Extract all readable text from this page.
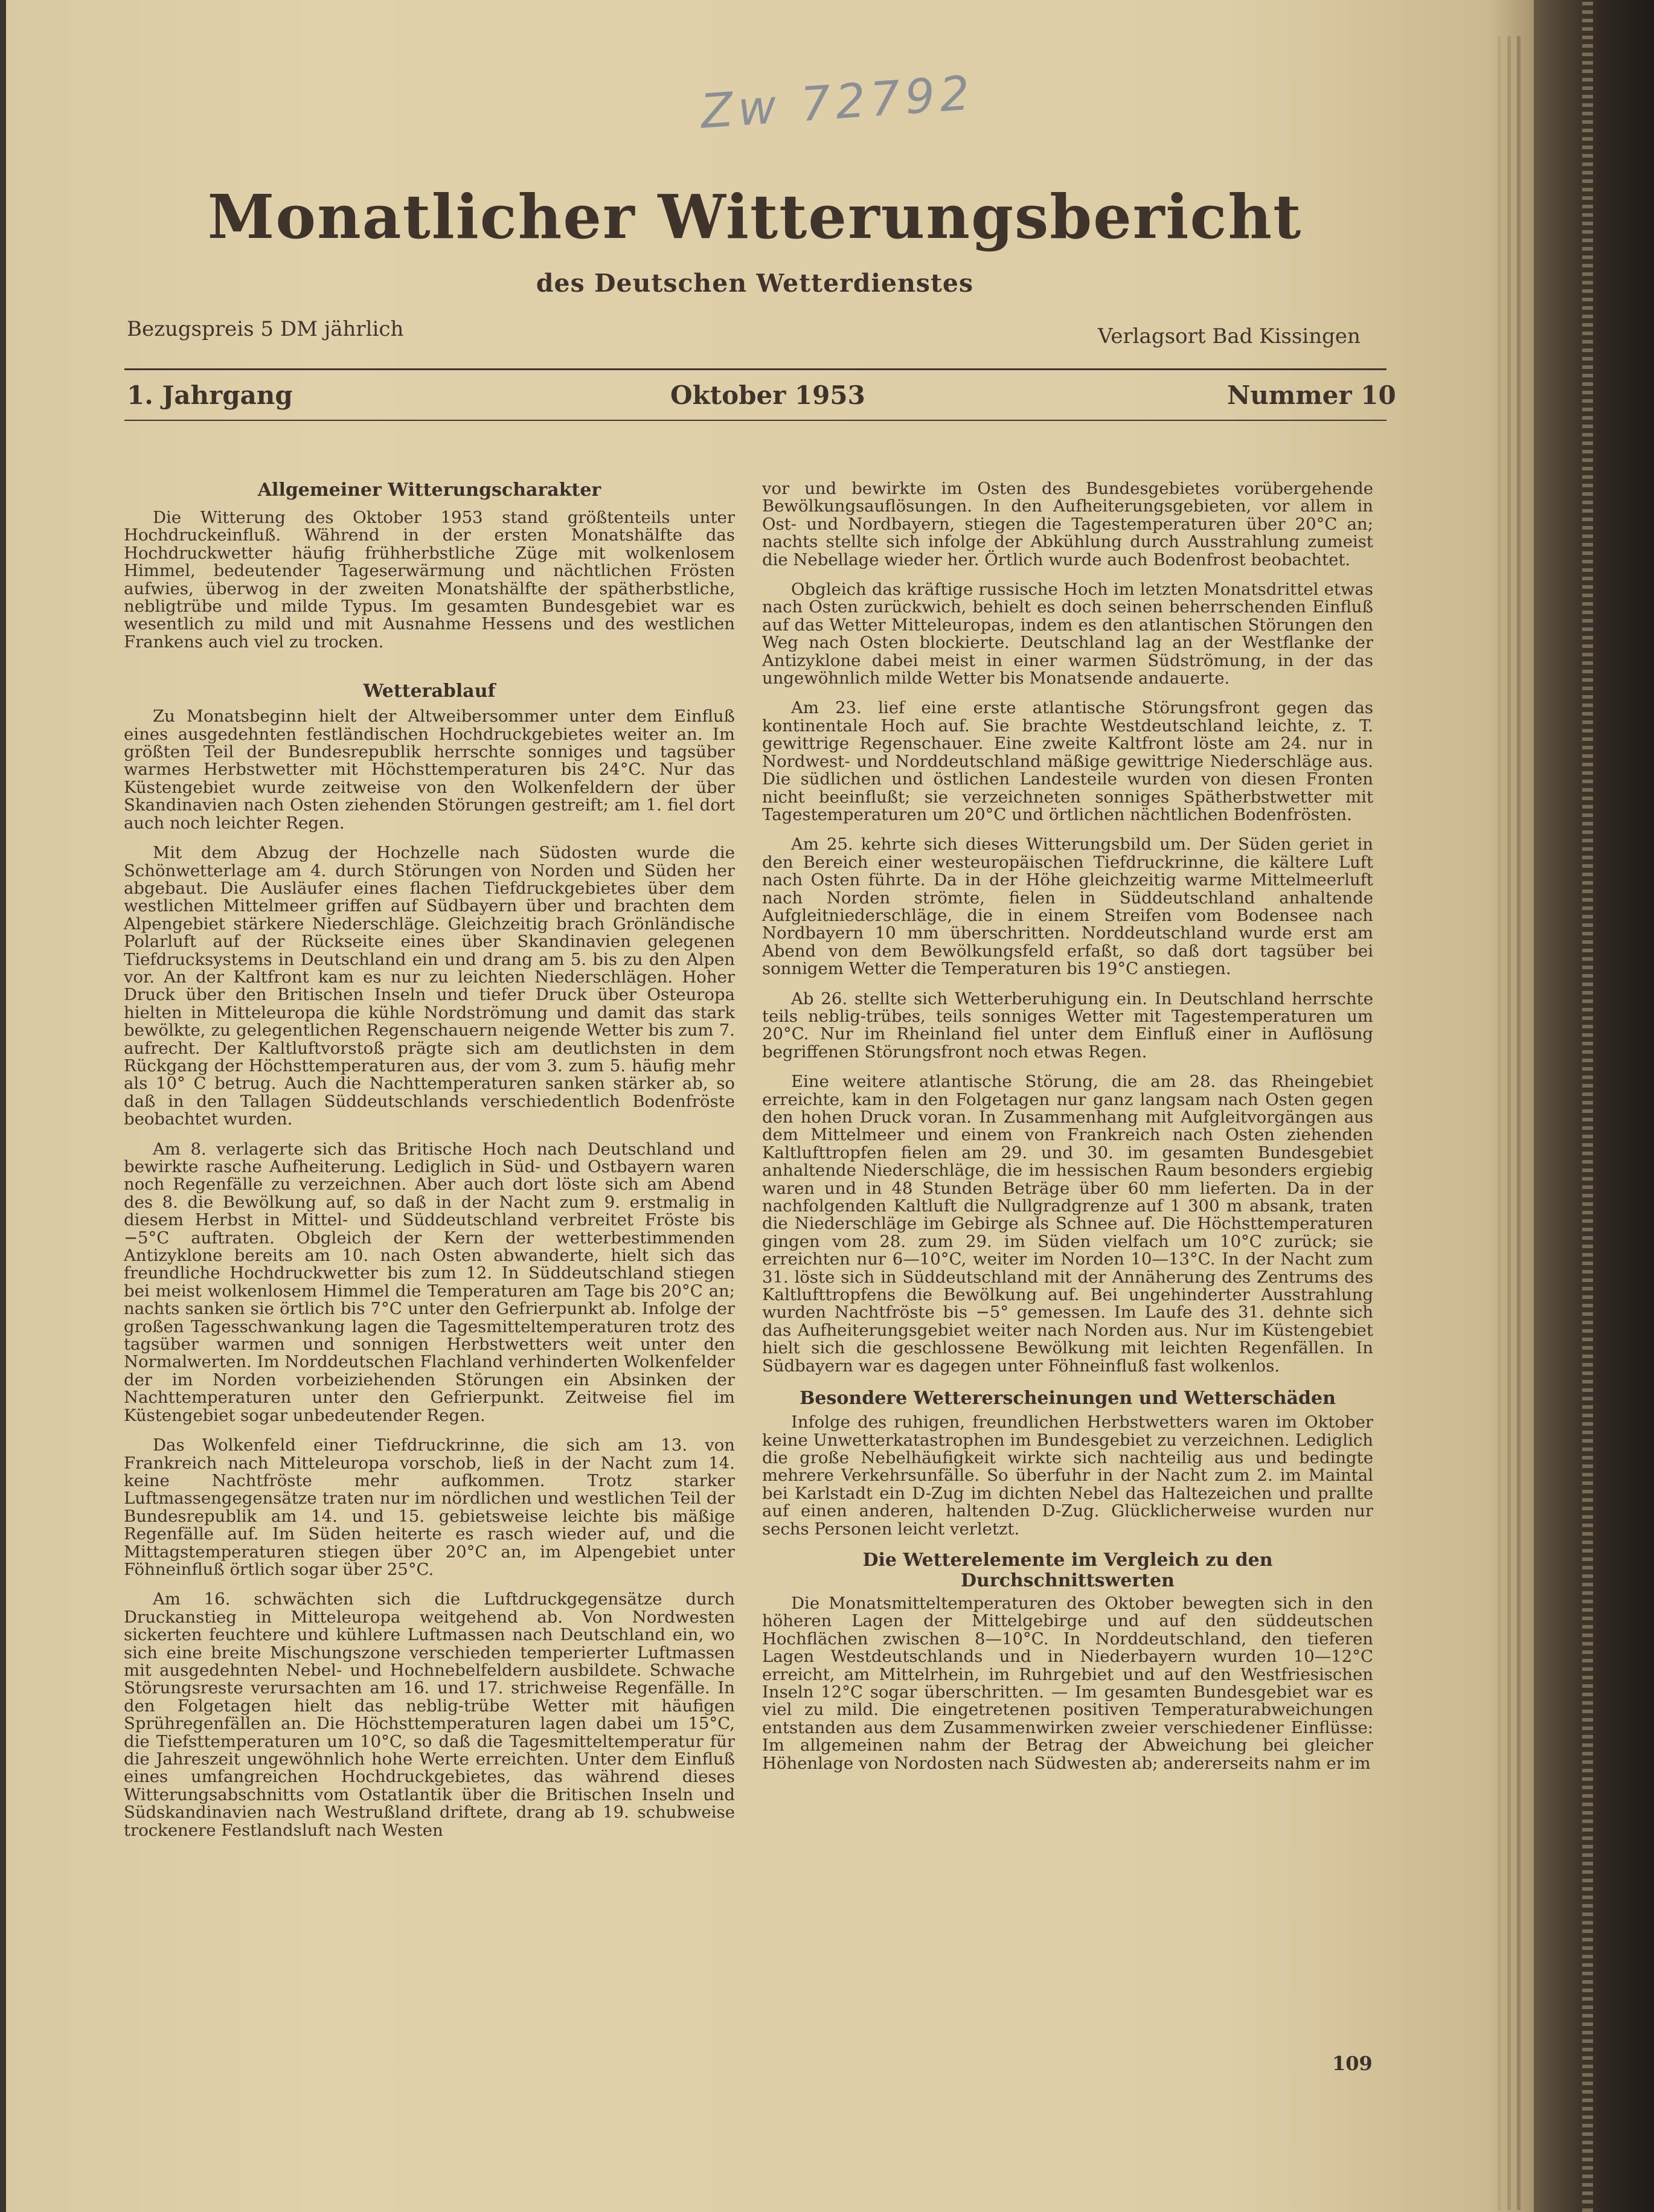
Zw 72792
Monatlicher Witterungsbericht
des Deutschen Wetterdienstes
Bezugspreis 5 DM jährlich	Verlagsort Bad Kissingen
1. Jahrgang	Oktober 1953	Nummer 10
Allgemeiner Witterungscharakter

Die Witterung des Oktober 1953 stand größtenteils unter Hochdruckeinfluß. Während in der ersten Monatshälfte das Hochdruckwetter häufig frühherbstliche Züge mit wolkenlosem Himmel, bedeutender Tageserwärmung und nächtlichen Frösten aufwies, überwog in der zweiten Monatshälfte der spätherbstliche, nebligtrübe und milde Typus. Im gesamten Bundesgebiet war es wesentlich zu mild und mit Ausnahme Hessens und des westlichen Frankens auch viel zu trocken.

Wetterablauf

Zu Monatsbeginn hielt der Altweibersommer unter dem Einfluß eines ausgedehnten festländischen Hochdruckgebietes weiter an. Im größten Teil der Bundesrepublik herrschte sonniges und tagsüber warmes Herbstwetter mit Höchsttemperaturen bis 24°C. Nur das Küstengebiet wurde zeitweise von den Wolkenfeldern der über Skandinavien nach Osten ziehenden Störungen gestreift; am 1. fiel dort auch noch leichter Regen.

Mit dem Abzug der Hochzelle nach Südosten wurde die Schönwetterlage am 4. durch Störungen von Norden und Süden her abgebaut. Die Ausläufer eines flachen Tiefdruckgebietes über dem westlichen Mittelmeer griffen auf Südbayern über und brachten dem Alpengebiet stärkere Niederschläge. Gleichzeitig brach Grönländische Polarluft auf der Rückseite eines über Skandinavien gelegenen Tiefdrucksystems in Deutschland ein und drang am 5. bis zu den Alpen vor. An der Kaltfront kam es nur zu leichten Niederschlägen. Hoher Druck über den Britischen Inseln und tiefer Druck über Osteuropa hielten in Mitteleuropa die kühle Nordströmung und damit das stark bewölkte, zu gelegentlichen Regenschauern neigende Wetter bis zum 7. aufrecht. Der Kaltluftvorstoß prägte sich am deutlichsten in dem Rückgang der Höchsttemperaturen aus, der vom 3. zum 5. häufig mehr als 10° C betrug. Auch die Nachttemperaturen sanken stärker ab, so daß in den Tallagen Süddeutschlands verschiedentlich Bodenfröste beobachtet wurden.

Am 8. verlagerte sich das Britische Hoch nach Deutschland und bewirkte rasche Aufheiterung. Lediglich in Süd- und Ostbayern waren noch Regenfälle zu verzeichnen. Aber auch dort löste sich am Abend des 8. die Bewölkung auf, so daß in der Nacht zum 9. erstmalig in diesem Herbst in Mittel- und Süddeutschland verbreitet Fröste bis −5°C auftraten. Obgleich der Kern der wetterbestimmenden Antizyklone bereits am 10. nach Osten abwanderte, hielt sich das freundliche Hochdruckwetter bis zum 12. In Süddeutschland stiegen bei meist wolkenlosem Himmel die Temperaturen am Tage bis 20°C an; nachts sanken sie örtlich bis 7°C unter den Gefrierpunkt ab. Infolge der großen Tagesschwankung lagen die Tagesmitteltemperaturen trotz des tagsüber warmen und sonnigen Herbstwetters weit unter den Normalwerten. Im Norddeutschen Flachland verhinderten Wolkenfelder der im Norden vorbeiziehenden Störungen ein Absinken der Nachttemperaturen unter den Gefrierpunkt. Zeitweise fiel im Küstengebiet sogar unbedeutender Regen.

Das Wolkenfeld einer Tiefdruckrinne, die sich am 13. von Frankreich nach Mitteleuropa vorschob, ließ in der Nacht zum 14. keine Nachtfröste mehr aufkommen. Trotz starker Luftmassengegensätze traten nur im nördlichen und westlichen Teil der Bundesrepublik am 14. und 15. gebietsweise leichte bis mäßige Regenfälle auf. Im Süden heiterte es rasch wieder auf, und die Mittagstemperaturen stiegen über 20°C an, im Alpengebiet unter Föhneinfluß örtlich sogar über 25°C.

Am 16. schwächten sich die Luftdruckgegensätze durch Druckanstieg in Mitteleuropa weitgehend ab. Von Nordwesten sickerten feuchtere und kühlere Luftmassen nach Deutschland ein, wo sich eine breite Mischungszone verschieden temperierter Luftmassen mit ausgedehnten Nebel- und Hochnebelfeldern ausbildete. Schwache Störungsreste verursachten am 16. und 17. strichweise Regenfälle. In den Folgetagen hielt das neblig-trübe Wetter mit häufigen Sprühregenfällen an. Die Höchsttemperaturen lagen dabei um 15°C, die Tiefsttemperaturen um 10°C, so daß die Tagesmitteltemperatur für die Jahreszeit ungewöhnlich hohe Werte erreichten. Unter dem Einfluß eines umfangreichen Hochdruckgebietes, das während dieses Witterungsabschnitts vom Ostatlantik über die Britischen Inseln und Südskandinavien nach Westrußland driftete, drang ab 19. schubweise trockenere Festlandsluft nach Westen

vor und bewirkte im Osten des Bundesgebietes vorübergehende Bewölkungsauflösungen. In den Aufheiterungsgebieten, vor allem in Ost- und Nordbayern, stiegen die Tagestemperaturen über 20°C an; nachts stellte sich infolge der Abkühlung durch Ausstrahlung zumeist die Nebellage wieder her. Örtlich wurde auch Bodenfrost beobachtet.

Obgleich das kräftige russische Hoch im letzten Monatsdrittel etwas nach Osten zurückwich, behielt es doch seinen beherrschenden Einfluß auf das Wetter Mitteleuropas, indem es den atlantischen Störungen den Weg nach Osten blockierte. Deutschland lag an der Westflanke der Antizyklone dabei meist in einer warmen Südströmung, in der das ungewöhnlich milde Wetter bis Monatsende andauerte.

Am 23. lief eine erste atlantische Störungsfront gegen das kontinentale Hoch auf. Sie brachte Westdeutschland leichte, z. T. gewittrige Regenschauer. Eine zweite Kaltfront löste am 24. nur in Nordwest- und Norddeutschland mäßige gewittrige Niederschläge aus. Die südlichen und östlichen Landesteile wurden von diesen Fronten nicht beeinflußt; sie verzeichneten sonniges Spätherbstwetter mit Tagestemperaturen um 20°C und örtlichen nächtlichen Bodenfrösten.

Am 25. kehrte sich dieses Witterungsbild um. Der Süden geriet in den Bereich einer westeuropäischen Tiefdruckrinne, die kältere Luft nach Osten führte. Da in der Höhe gleichzeitig warme Mittelmeerluft nach Norden strömte, fielen in Süddeutschland anhaltende Aufgleitniederschläge, die in einem Streifen vom Bodensee nach Nordbayern 10 mm überschritten. Norddeutschland wurde erst am Abend von dem Bewölkungsfeld erfaßt, so daß dort tagsüber bei sonnigem Wetter die Temperaturen bis 19°C anstiegen.

Ab 26. stellte sich Wetterberuhigung ein. In Deutschland herrschte teils neblig-trübes, teils sonniges Wetter mit Tagestemperaturen um 20°C. Nur im Rheinland fiel unter dem Einfluß einer in Auflösung begriffenen Störungsfront noch etwas Regen.

Eine weitere atlantische Störung, die am 28. das Rheingebiet erreichte, kam in den Folgetagen nur ganz langsam nach Osten gegen den hohen Druck voran. In Zusammenhang mit Aufgleitvorgängen aus dem Mittelmeer und einem von Frankreich nach Osten ziehenden Kaltlufttropfen fielen am 29. und 30. im gesamten Bundesgebiet anhaltende Niederschläge, die im hessischen Raum besonders ergiebig waren und in 48 Stunden Beträge über 60 mm lieferten. Da in der nachfolgenden Kaltluft die Nullgradgrenze auf 1 300 m absank, traten die Niederschläge im Gebirge als Schnee auf. Die Höchsttemperaturen gingen vom 28. zum 29. im Süden vielfach um 10°C zurück; sie erreichten nur 6—10°C, weiter im Norden 10—13°C. In der Nacht zum 31. löste sich in Süddeutschland mit der Annäherung des Zentrums des Kaltlufttropfens die Bewölkung auf. Bei ungehinderter Ausstrahlung wurden Nachtfröste bis −5° gemessen. Im Laufe des 31. dehnte sich das Aufheiterungsgebiet weiter nach Norden aus. Nur im Küstengebiet hielt sich die geschlossene Bewölkung mit leichten Regenfällen. In Südbayern war es dagegen unter Föhneinfluß fast wolkenlos.

Besondere Wettererscheinungen und Wetterschäden

Infolge des ruhigen, freundlichen Herbstwetters waren im Oktober keine Unwetterkatastrophen im Bundesgebiet zu verzeichnen. Lediglich die große Nebelhäufigkeit wirkte sich nachteilig aus und bedingte mehrere Verkehrsunfälle. So überfuhr in der Nacht zum 2. im Maintal bei Karlstadt ein D-Zug im dichten Nebel das Haltezeichen und prallte auf einen anderen, haltenden D-Zug. Glücklicherweise wurden nur sechs Personen leicht verletzt.

Die Wetterelemente im Vergleich zu den Durchschnittswerten

Die Monatsmitteltemperaturen des Oktober bewegten sich in den höheren Lagen der Mittelgebirge und auf den süddeutschen Hochflächen zwischen 8—10°C. In Norddeutschland, den tieferen Lagen Westdeutschlands und in Niederbayern wurden 10—12°C erreicht, am Mittelrhein, im Ruhrgebiet und auf den Westfriesischen Inseln 12°C sogar überschritten. — Im gesamten Bundesgebiet war es viel zu mild. Die eingetretenen positiven Temperaturabweichungen entstanden aus dem Zusammenwirken zweier verschiedener Einflüsse: Im allgemeinen nahm der Betrag der Abweichung bei gleicher Höhenlage von Nordosten nach Südwesten ab; andererseits nahm er im

109
